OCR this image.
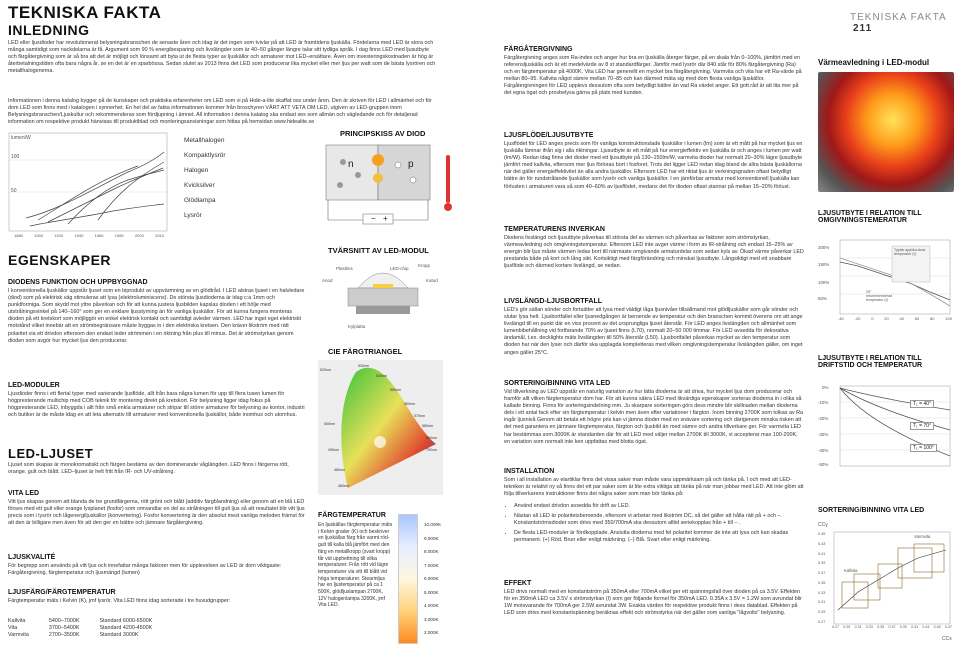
TEKNISKA FAKTA	TEKNISKA FAKTA 211
INLEDNING
LED eller ljusdioder har revolutionerat belysningsbranschen de senaste åren och idag är det ingen som tvivlar på att LED är framtidens ljuskälla. Fördelarna med LED är stora och många samtidigt som nackdelarna är få. Argument som 90 % energibesparing och livslängder som är 40–50 gånger längre talar sitt tydliga språk. I dag finns LED med ljusutbyte och färgåtergivning som är så bra att det är möjligt och lönsamt att byta ut de flesta typer av ljuskällor och armaturer mot LED–ersättare. Även om investeringskostnaden är hög är återbetalningstiden ofta bara några år. se en det är en sparbössa. Sedan slutet av 2013 finns det LED som producerar lika mycket eller mer ljus per watt som de bästa lysrören och metallhalogenerna.
Informationen i denna katalog bygger på de kunskaper och praktiska erfarenheter om LED som vi på Hide-a-lite skaffat oss under åren. Den är skriven för LED i allmänhet och för dom LED som finns med i katalogen i synnerhet. En hel del av fakta informationen kommer från broschyren VÄRT ATT VETA OM LED, utgiven av LED-gruppen inom Belysningsbranschen/Ljuskultur och rekommenderas som fördjupning i ämnet. All information i denna katalog ska endast ses som allmän och vägledande och för detaljerad information om respektive produkt hänvisas till produktblad och monteringsanvisningar som hittas på hemsidan www.hidealite.se
lumen/W
100
50
1880	1900	1920	1940	1960	1980	2000	2010
Metallhalogen
Kompaktlysrör
Halogen
Kvicksilver
Glödlampa
Lysrör
EGENSKAPER
DIODENS FUNKTION OCH UPPBYGGNAD
I konventionella ljuskällor uppstår ljuset som en biprodukt av uppvärmning av en glödtråd. I LED alstras ljuset i en halvledare (diod) som på elektrisk väg stimuleras att lysa (elektroluminiscens). De största ljusdioderna är idag c:a 1mm och punktformiga. Som skydd mot yttre påverkan och för att kunna justera ljusbilden kapslas dioden i ett hölje med utstrålningsvinkel på 140–160° som ger en enklare ljusstyrning än för vanliga ljuskällor. För att kunna fungera monteras dioden på ett kretskort som möjliggör en enkel elektrisk kontakt och samtidigt avleder värmen. LED har inget eget elektriskt motstånd vilket innebär att en strömbegränsare måste byggas in i den elektriska kretsen. Den kräver likström med rätt polaritet via ett drivdon eftersom den endast leder strömmen i en riktning från plus till minus. Det är strömstyrkan genom dioden som avgör hur mycket ljus den producerar.
LED-MODULER
Ljusdioder finns i ett flertal typer med varierande ljusflöde, allt från bara några lumen för upp till flera tusen lumen för högpresterande multichip med COB teknik för montering direkt på kretskort. För belysning ligger idag fokus på högpresterande LED, inbyggda i allt från små enkla armaturer och stripar till större armaturer för belysning av kontor, industri och butiker är de måste idag en att leta alternativ till armaturer med konventionella ljuskällor, både inomhus och utomhus.
LED-LJUSET
Ljuset som skapas är monokromatiskt och färgen bestäms av den dominerande våglängden. LED finns i färgerna rött, orange, gult och blått. LED–ljuset är helt fritt från IR- och UV-strålning.
VITA LED
Vitt ljus skapas genom att blanda de tre grundfärgerna, rött grönt och blått (additiv färgblandning) eller genom att en blå LED förses med ett gult eller orange lysplanet (fosfor) som omvandlar en del av strålningen till gult ljus så att resultatet blir vitt ljus precis som i lysrör och lågenergiljuskällor (konvertering). Fosfor konvertering är den absolut mest vanliga metoden främst för att den är billigare men även för att den ger en bättre och jämnare färgåtergivning.
LJUSKVALITÉ
För begrepp som används på vitt ljus och innefattar många faktorer men för upplevelsen av LED är dom viktigaste: Färgåtergivning, färgtemperatur och ljusmängd (lumen)
LJUSFÄRG/FÄRGTEMPERATUR
Färgtemperatur mäts i Kelvin (K), jmf lysrör. Vita LED finns idag sorterade i tre huvudgrupper:
Kallvita	5400–7000K	Standard 6000-6500K
Vita	3700–5400K	Standard 4200-4500K
Varmvita	2700–3500K	Standard 3000K
PRINCIPSKISS AV DIOD
n	p
− +
TVÄRSNITT AV LED-MODUL
Plastlins	LED-chip
Kropp
Anod	Katod
Kylplatta
CIE FÄRGTRIANGEL
520nm
530nm
540nm
550nm
560nm
570nm
580nm
600nm
700nm
500nm
490nm
480nm
460nm
FÄRGTEMPERATUR
En ljuskällas färgtemperatur mäts i Kelvin grader (K) och beskriver en ljuskällas färg från varmt röd-gult till kalla blå jämfört med den färg en metallkropp (svart kropp) får vid upphettning till olika temperaturer. Från rött vid lägre temperaturer via vitt till blått vid höga temperaturer. Stearinljus har en ljustemperatur på ca 1 500K, glödljuslampan 2700K, 12V halogenlampa 3200K, jmf Vita LED.
10.000K
9.000K
8.000K
7.000K
6.000K
5.000K
4.000K
3.000K
2.000K
FÄRGÅTERGIVNING
Färgåtergivning anges som Ra-index och anger hur bra en ljuskälla återger färger, på en skala från 0–100%, jämfört med en referensljuskälla och är ett medelvärde av 8 st standardfärger. Jämför med lysrör där 840 står för 80% färgåtergivning (Ra) och en färgtemperatur på 4000K. Vita LED har generellt en mycket bra färgåtergivning. Varmvita och vita har ett Ra-värde på mellan 80–95. Kallvita något sämre mellan 70–85 och kan därmed mäta sig med dom flesta vanliga ljuskällor. Färgåtergivningen för LED upplevs dessutom ofta som betydligt bättre än vad Ra värdet anger. Ett gott råd är att lita mer på det egna ögat och provbelysa gärna på plats med kunden.
LJUSFLÖDE/LJUSUTBYTE
Ljusflödet för LED anges precis som för vanliga konstruktionslade ljuskällor i lumen (lm) som är ett mått på hur mycket ljus en ljuskälla lämnar ifrån sig i alla riktningar. Ljusutbyte är ett mått på hur energieffektiv en ljuskälla är och anges i lumen per watt (lm/W). Redan idag finns det dioder med ett ljusutbyte på 130–150lm/W, varmvita dioder har normalt 20–30% lägre ljusutbyte jämfört med kallvita, eftersom mer ljus förloras bort i fosforet. Trots det ligger LED redan idag bland de allra bästa ljuskällorna när det gäller energieffektivitet än alla andra ljuskällor. Eftersom LED har ett riktat ljus är verkningsgraden oftast betydligt bättre än för rundstrålande ljuskällor som lysrör och vanliga ljuskällor. I en jämförbar armatur med konventionell ljuskälla kan förlusten i armaturen vara så som 40–60% av ljusflödet, medans det för dioden oftast stannar på mellan 15–20% förlust.
TEMPERATURENS INVERKAN
Diodens livslängd och ljusutbyte påverkas till största del av värmen och påverkas av faktorer som strömstyrkan, värmeavledning och omgivningstemperatur. Eftersom LED inte avger värme i form av IR-strålning och endast 15–25% av energin blir ljus måste värmen ledas bort till närmaste omgivande armaturdelar som sedan kyls av. Ökad värme påverkar LED prestanda både på kort och lång sikt. Kortsiktigt med färgförändring och minskat ljusutbyte. Långsiktigt med ett snabbare ljusflöde och därmed kortare livslängd, se nedan.
LIVSLÄNGD-LJUSBORTFALL
LED's gör sällan sönder och fortsätter att lysa med väldigt låga ljusnivåer tillsällmand mot glödljuskällor som går sönder och slutar lysa helt. Ljusbortfallet eller ljusnedgången är beroende av temperatur och den branschen kommit överens om att ange livslängd till en punkt där en viss procent av det ursprungliga ljuset återstår. För LED anges livslängden och allmänhet som lumenbibehållning vid fortfarande 70% av ljuset finns (L70), normalt 20–50 000 timmar. För LED avsedda för dekorativa ändamål, t.ex. decklights mäts livslängden till 50% återstår (L50). Ljusbortfallet påverkas mycket av den temperatur som dioden har när den lyser och därför ska upplagda kompletteras med vilken omgivningstemperatur livslängden gäller, om inget anges gäller 25°C.
SORTERING/BINNING VITA LED
Vid tillverkning av LED uppstår en naturlig variation av hur lätta dioderna är att driva, hur mycket ljus dom producerar och framför allt vilken färgtemperatur dom har. För att kunna säkra LED med likvärdiga egenskaper sorteras dioderna in i olika så kallade binning. Finns för sorteringsindelning mm. Ju skarpare sorteringen görs dess mindre blir skillnaden mellan dioderna dels i ett antal fack efter sin färgtemperatur i kelvin men även efter variationer i färgton. Inom binning 2700K som tolkas av Ra ingår ljusnivå Genom att betala ett högre pris kan vi jämna dioder med en snävare sortering och därigenom minska risken att det med garantera en jämnare färgtemperatur, färgton och ljusbild än med sämre och andra tillverkare ger. För varmvita LED har bestämmas som 3000K är standarden där för att LED med väljer mellan 2700K till 3000K, vi accepterar max 100-200K. en variation som normalt inte ken uppfattas med blotta ögat.
INSTALLATION
Som i all installation av elartiklar finns det vissa saker man måste vara uppmärksam på och tänka på. I och med att LED-tekniken är relativt ny så finns det ett par saker som är lite extra viktiga att tänka på när man jobbar med LED. Att inte glöm att följa tillverkarens instruktioner finns det några saker som man bör tänka på:
• Använd endast drivdon avsedda för drift av LED.
• Nästan all LED är polaritetsberoende, eftersom vi arbetar med likström DC, så det gäller att hålla rätt på + och –. Konstantströmsdioder som drivs med 350/700mA ska dessutom alltid seriekopplas från + till – .
• De flesta LED-moduler är fördkopplade. Anslutta dioderna med fel polaritet kommer de inte att lysa och kan skadas permanent. (+) Röd, Brun eller enligt märkning. (–) Blå. Svart eller enligt märkning.
EFFEKT
LED drivs normalt med en konstantström på 350mA eller 700mA vilket ger ett spänningsfall över dioden på ca 3.5V. Effekten för en 350mA LED ca 3.5V x strömstyrkan (I) som ger följande formel för 350mA LED. 0.35A x 3.5V = 1.2W som avrundat blir 1W motsvarande för 700mA ger 2.5W avrundat 3W. Exakta värden för respektive produkt finns i dess datablad. Effekten på LED som drivs med konstantspänning beräknas effekt och strömstyrka när det gäller som vanliga "lågvolts" belysning.
Värmeavledning i LED-modul
LJUSUTBYTE I RELATION TILL OMGIVNINGSTEMERATUR
200%
150%
100%
50%
Typisk applika-tions temperatur (t)
25° rekommenderad temperatur (t)
-40	-20	0	20	40	60	80	100
LJUSUTBYTE I RELATION TILL DRIFTSTID OCH TEMPERATUR
0%
-10%
-20%
-30%
-40%
-50%
T₁ = 40°
T₁ = 70°
T₁ = 100°
SORTERING/BINNING VITA LED
CCy
Kallvita
Varmvita
0.45
0.43
0.41
0.39
0.37
0.35
0.33
0.31
0.29
0.27
0.27 0.29 0.31 0.33 0.35 0.37 0.39 0.41 0.43 0.45 0.47
CCx
